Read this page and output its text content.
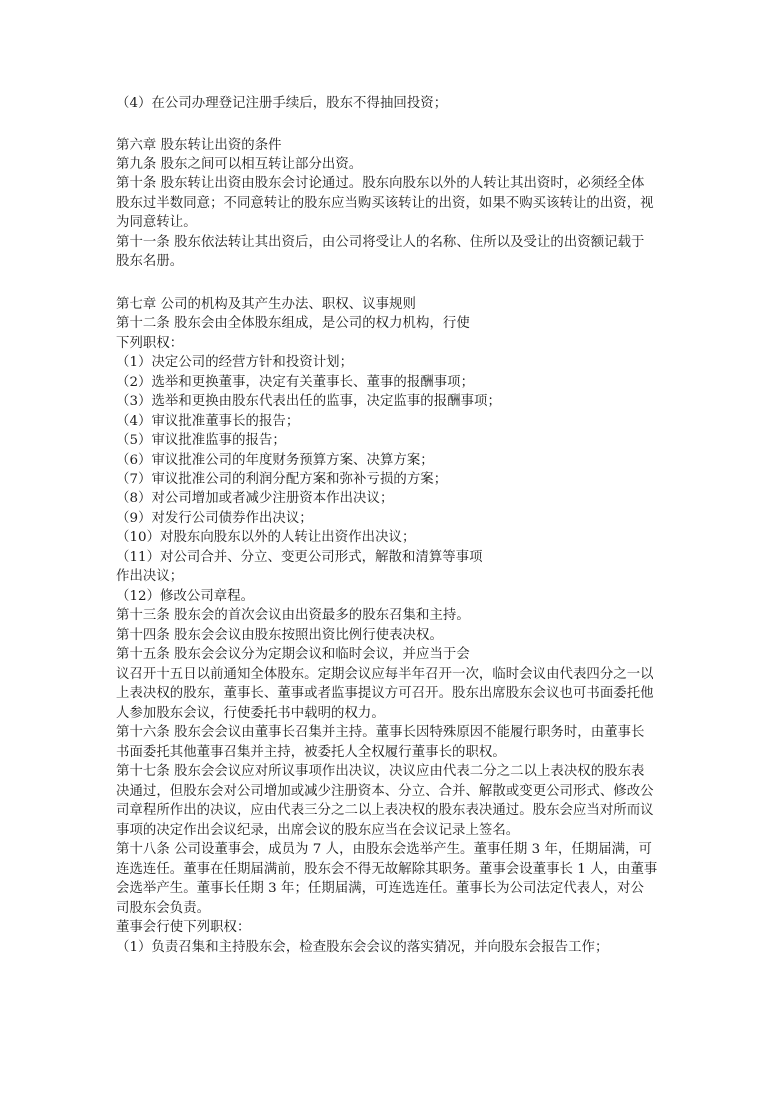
（4）在公司办理登记注册手续后，股东不得抽回投资；
第六章 股东转让出资的条件
第九条 股东之间可以相互转让部分出资。
第十条 股东转让出资由股东会讨论通过。股东向股东以外的人转让其出资时，必须经全体
股东过半数同意；不同意转让的股东应当购买该转让的出资，如果不购买该转让的出资，视
为同意转让。
第十一条 股东依法转让其出资后，由公司将受让人的名称、住所以及受让的出资额记载于
股东名册。
第七章 公司的机构及其产生办法、职权、议事规则
第十二条 股东会由全体股东组成，是公司的权力机构，行使
下列职权：
（1）决定公司的经营方针和投资计划；
（2）选举和更换董事，决定有关董事长、董事的报酬事项；
（3）选举和更换由股东代表出任的监事，决定监事的报酬事项；
（4）审议批准董事长的报告；
（5）审议批准监事的报告；
（6）审议批准公司的年度财务预算方案、决算方案；
（7）审议批准公司的利润分配方案和弥补亏损的方案；
（8）对公司增加或者减少注册资本作出决议；
（9）对发行公司债券作出决议；
（10）对股东向股东以外的人转让出资作出决议；
（11）对公司合并、分立、变更公司形式，解散和清算等事项
作出决议；
（12）修改公司章程。
第十三条 股东会的首次会议由出资最多的股东召集和主持。
第十四条 股东会会议由股东按照出资比例行使表决权。
第十五条 股东会会议分为定期会议和临时会议，并应当于会
议召开十五日以前通知全体股东。定期会议应每半年召开一次，临时会议由代表四分之一以
上表决权的股东，董事长、董事或者监事提议方可召开。股东出席股东会议也可书面委托他
人参加股东会议，行使委托书中载明的权力。
第十六条 股东会会议由董事长召集并主持。董事长因特殊原因不能履行职务时，由董事长
书面委托其他董事召集并主持，被委托人全权履行董事长的职权。
第十七条 股东会会议应对所议事项作出决议，决议应由代表二分之二以上表决权的股东表
决通过，但股东会对公司增加或减少注册资本、分立、合并、解散或变更公司形式、修改公
司章程所作出的决议，应由代表三分之二以上表决权的股东表决通过。股东会应当对所而议
事项的决定作出会议纪录，出席会议的股东应当在会议记录上签名。
第十八条 公司设董事会，成员为 7 人，由股东会选举产生。董事任期 3 年，任期届满，可
连选连任。董事在任期届满前，股东会不得无故解除其职务。董事会设董事长 1 人，由董事
会选举产生。董事长任期 3 年；任期届满，可连选连任。董事长为公司法定代表人，对公
司股东会负责。
董事会行使下列职权：
（1）负责召集和主持股东会，检查股东会会议的落实猜况，并向股东会报告工作；
